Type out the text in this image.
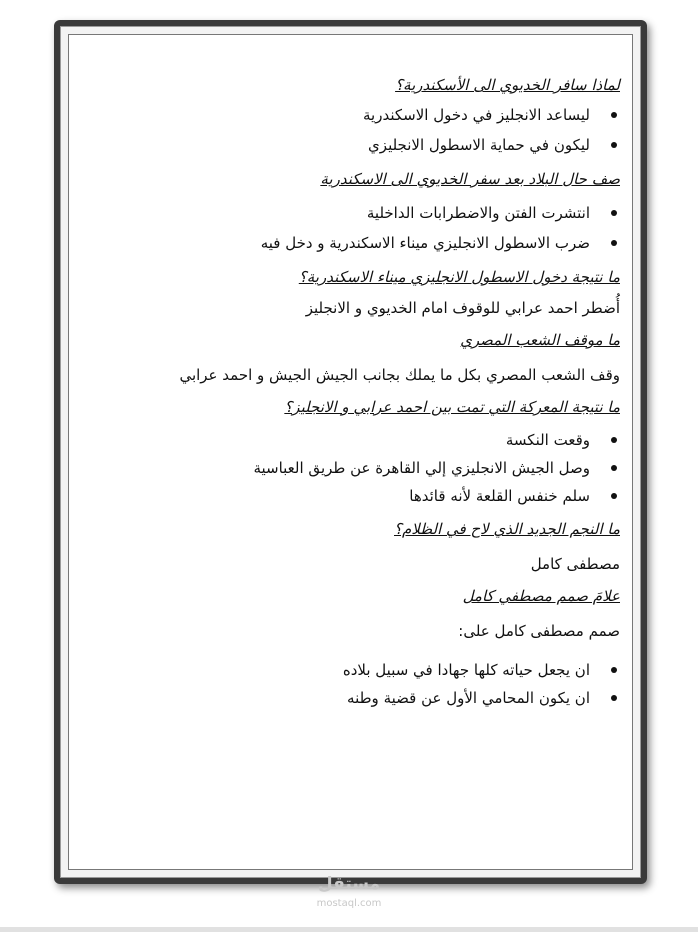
لماذا سافر الخديوي الى الأسكندرية؟
ليساعد الانجليز في دخول الاسكندرية
ليكون في حماية الاسطول الانجليزي
صف حال البلاد بعد سفر الخديوي الى الاسكندرية
انتشرت الفتن والاضطرابات الداخلية
ضرب الاسطول الانجليزي ميناء الاسكندرية و دخل فيه
ما نتيجة دخول الاسطول الانجليزي ميناء الاسكندرية؟
أُضطر احمد عرابي للوقوف امام الخديوي و الانجليز
ما موقف الشعب المصري
وقف الشعب المصري بكل ما يملك بجانب الجيش الجيش و احمد عرابي
ما نتيجة المعركة التي تمت بين احمد عرابي و الانجليز؟
وقعت النكسة
وصل الجيش الانجليزي إلي القاهرة عن طريق العباسية
سلم خنفس القلعة لأنه قائدها
ما النجم الجديد الذي لاح في الظلام؟
مصطفى كامل
علامَ صمم مصطفي كامل
صمم مصطفى كامل على:
ان يجعل حياته كلها جهادا في سبيل بلاده
ان يكون المحامي الأول عن قضية وطنه
مستقل
mostaql.com
